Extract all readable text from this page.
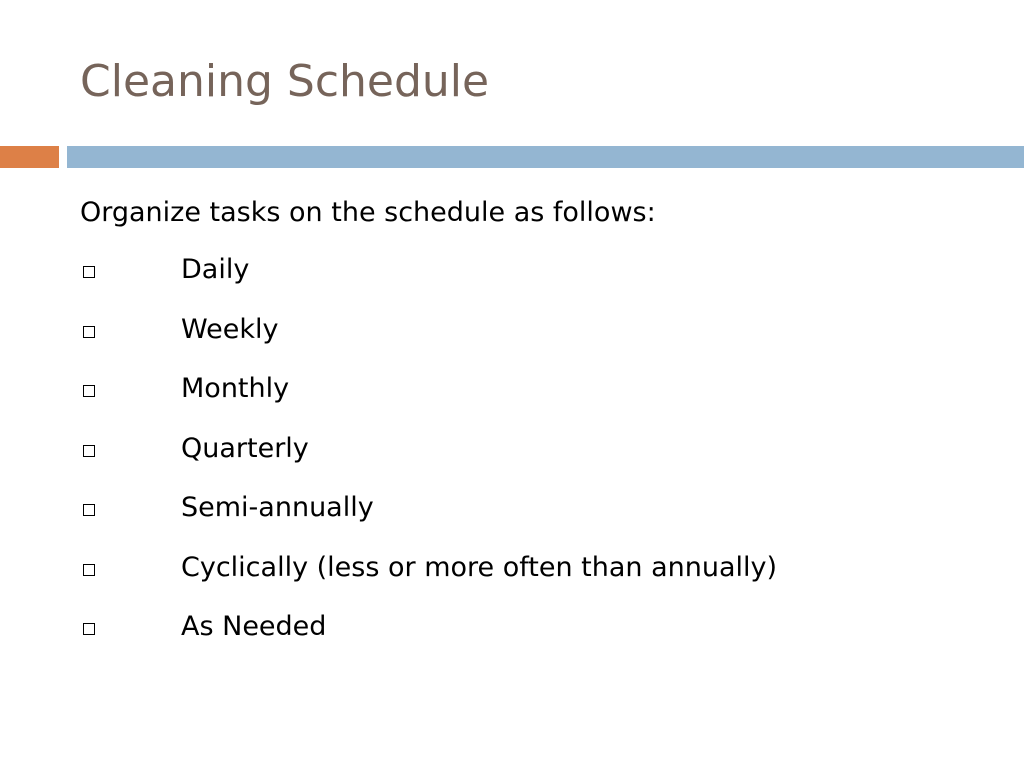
Cleaning Schedule

Organize tasks on the schedule as follows:

Daily
Weekly
Monthly
Quarterly
Semi-annually
Cyclically (less or more often than annually)
As Needed
